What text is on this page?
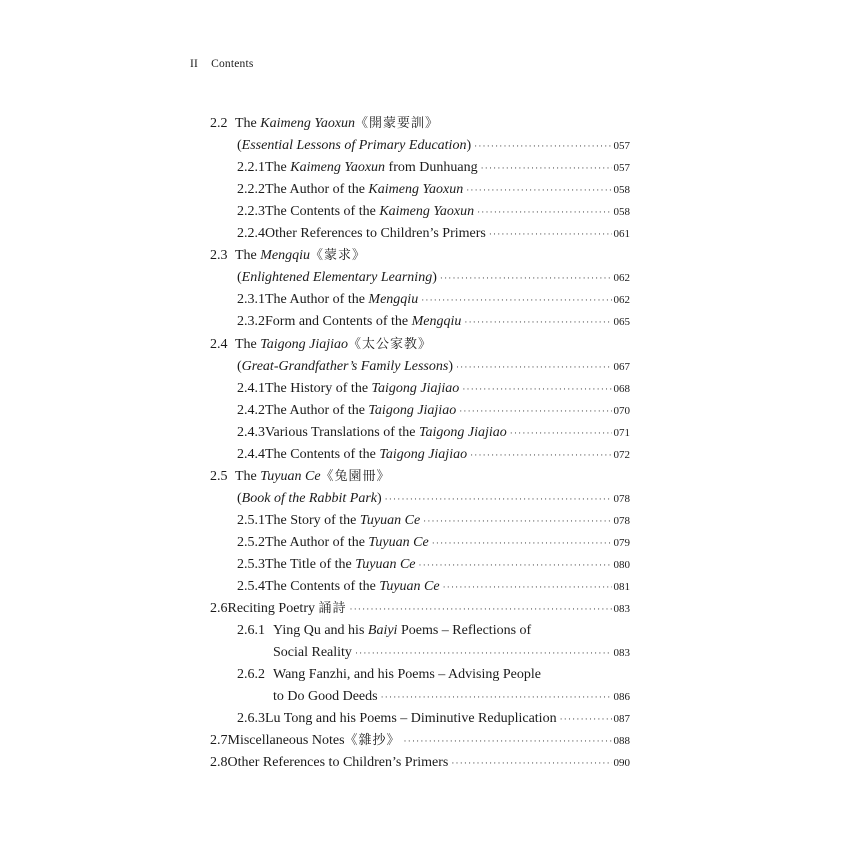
II Contents
2.2 The Kaimeng Yaoxun《開蒙要訓》
(Essential Lessons of Primary Education) ·····	057
2.2.1 The Kaimeng Yaoxun from Dunhuang ·····	057
2.2.2 The Author of the Kaimeng Yaoxun ·····	058
2.2.3 The Contents of the Kaimeng Yaoxun ·····	058
2.2.4 Other References to Children’s Primers ·····	061
2.3 The Mengqiu《蒙求》
(Enlightened Elementary Learning) ·····	062
2.3.1 The Author of the Mengqiu ·····	062
2.3.2 Form and Contents of the Mengqiu ·····	065
2.4 The Taigong Jiajiao《太公家教》
(Great-Grandfather’s Family Lessons) ·····	067
2.4.1 The History of the Taigong Jiajiao ·····	068
2.4.2 The Author of the Taigong Jiajiao ·····	070
2.4.3 Various Translations of the Taigong Jiajiao ·····	071
2.4.4 The Contents of the Taigong Jiajiao ·····	072
2.5 The Tuyuan Ce《兔園冊》
(Book of the Rabbit Park) ·····	078
2.5.1 The Story of the Tuyuan Ce ·····	078
2.5.2 The Author of the Tuyuan Ce ·····	079
2.5.3 The Title of the Tuyuan Ce ·····	080
2.5.4 The Contents of the Tuyuan Ce ·····	081
2.6 Reciting Poetry 誦詩 ·····	083
2.6.1 Ying Qu and his Baiyi Poems – Reflections of
Social Reality ·····	083
2.6.2 Wang Fanzhi, and his Poems – Advising People
to Do Good Deeds ·····	086
2.6.3 Lu Tong and his Poems – Diminutive Reduplication ·····	087
2.7 Miscellaneous Notes《雜抄》 ·····	088
2.8 Other References to Children’s Primers ·····	090
